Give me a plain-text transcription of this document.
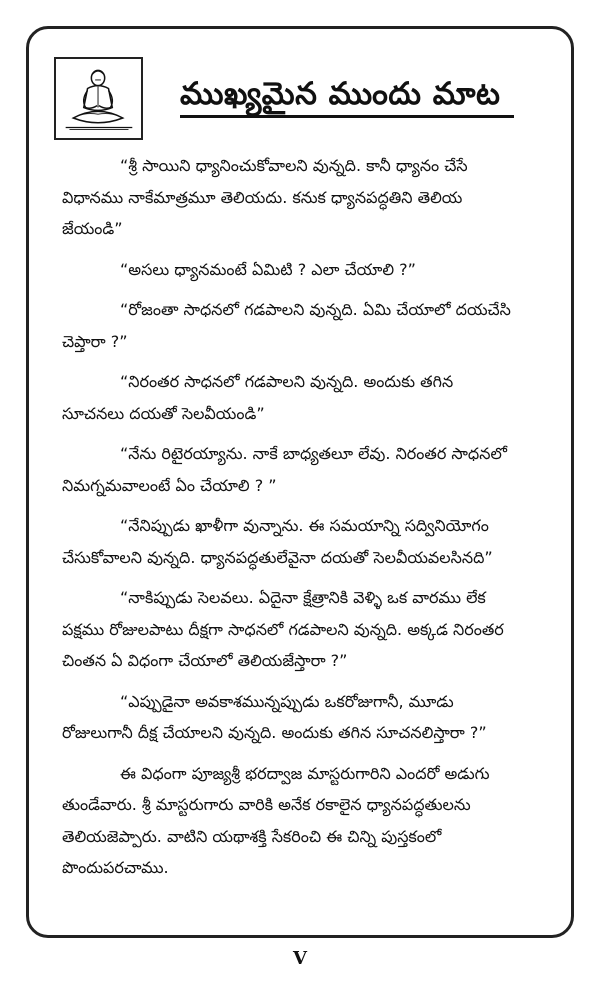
ముఖ్యమైన ముందు మాట

“శ్రీ సాయిని ధ్యానించుకోవాలని వున్నది. కానీ ధ్యానం చేసే
విధానము నాకేమాత్రమూ తెలియదు. కనుక ధ్యానపద్ధతిని తెలియ
జేయండి”

“అసలు ధ్యానమంటే ఏమిటి ? ఎలా చేయాలి ?”

“రోజంతా సాధనలో గడపాలని వున్నది. ఏమి చేయాలో దయచేసి
చెప్తారా ?”

“నిరంతర సాధనలో గడపాలని వున్నది. అందుకు తగిన
సూచనలు దయతో సెలవీయండి”

“నేను రిటైరయ్యాను. నాకే బాధ్యతలూ లేవు. నిరంతర సాధనలో
నిమగ్నమవాలంటే ఏం చేయాలి ? ”

“నేనిప్పుడు ఖాళీగా వున్నాను. ఈ సమయాన్ని సద్వినియోగం
చేసుకోవాలని వున్నది. ధ్యానపద్ధతులేవైనా దయతో సెలవీయవలసినది”

“నాకిప్పుడు సెలవలు. ఏదైనా క్షేత్రానికి వెళ్ళి ఒక వారము లేక
పక్షము రోజులపాటు దీక్షగా సాధనలో గడపాలని వున్నది. అక్కడ నిరంతర
చింతన ఏ విధంగా చేయాలో తెలియజేస్తారా ?”

“ఎప్పుడైనా అవకాశమున్నప్పుడు ఒకరోజుగానీ, మూడు
రోజులుగానీ దీక్ష చేయాలని వున్నది. అందుకు తగిన సూచనలిస్తారా ?”

ఈ విధంగా పూజ్యశ్రీ భరద్వాజ మాస్టరుగారిని ఎందరో అడుగు
తుండేవారు. శ్రీ మాస్టరుగారు వారికి అనేక రకాలైన ధ్యానపద్ధతులను
తెలియజెప్పారు. వాటిని యథాశక్తి సేకరించి ఈ చిన్ని పుస్తకంలో
పొందుపరచాము.

V
